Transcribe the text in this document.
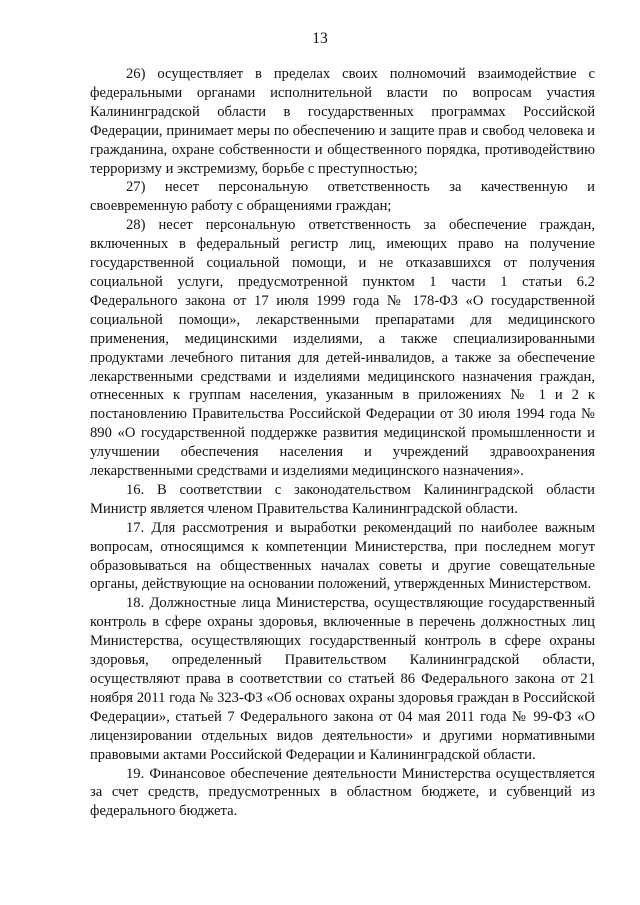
13

26) осуществляет в пределах своих полномочий взаимодействие с федеральными органами исполнительной власти по вопросам участия Калининградской области в государственных программах Российской Федерации, принимает меры по обеспечению и защите прав и свобод человека и гражданина, охране собственности и общественного порядка, противодействию терроризму и экстремизму, борьбе с преступностью;

27) несет персональную ответственность за качественную и своевременную работу с обращениями граждан;

28) несет персональную ответственность за обеспечение граждан, включенных в федеральный регистр лиц, имеющих право на получение государственной социальной помощи, и не отказавшихся от получения социальной услуги, предусмотренной пунктом 1 части 1 статьи 6.2 Федерального закона от 17 июля 1999 года № 178-ФЗ «О государственной социальной помощи», лекарственными препаратами для медицинского применения, медицинскими изделиями, а также специализированными продуктами лечебного питания для детей-инвалидов, а также за обеспечение лекарственными средствами и изделиями медицинского назначения граждан, отнесенных к группам населения, указанным в приложениях № 1 и 2 к постановлению Правительства Российской Федерации от 30 июля 1994 года № 890 «О государственной поддержке развития медицинской промышленности и улучшении обеспечения населения и учреждений здравоохранения лекарственными средствами и изделиями медицинского назначения».

16. В соответствии с законодательством Калининградской области Министр является членом Правительства Калининградской области.

17. Для рассмотрения и выработки рекомендаций по наиболее важным вопросам, относящимся к компетенции Министерства, при последнем могут образовываться на общественных началах советы и другие совещательные органы, действующие на основании положений, утвержденных Министерством.

18. Должностные лица Министерства, осуществляющие государственный контроль в сфере охраны здоровья, включенные в перечень должностных лиц Министерства, осуществляющих государственный контроль в сфере охраны здоровья, определенный Правительством Калининградской области, осуществляют права в соответствии со статьей 86 Федерального закона от 21 ноября 2011 года № 323-ФЗ «Об основах охраны здоровья граждан в Российской Федерации», статьей 7 Федерального закона от 04 мая 2011 года № 99-ФЗ «О лицензировании отдельных видов деятельности» и другими нормативными правовыми актами Российской Федерации и Калининградской области.

19. Финансовое обеспечение деятельности Министерства осуществляется за счет средств, предусмотренных в областном бюджете, и субвенций из федерального бюджета.
